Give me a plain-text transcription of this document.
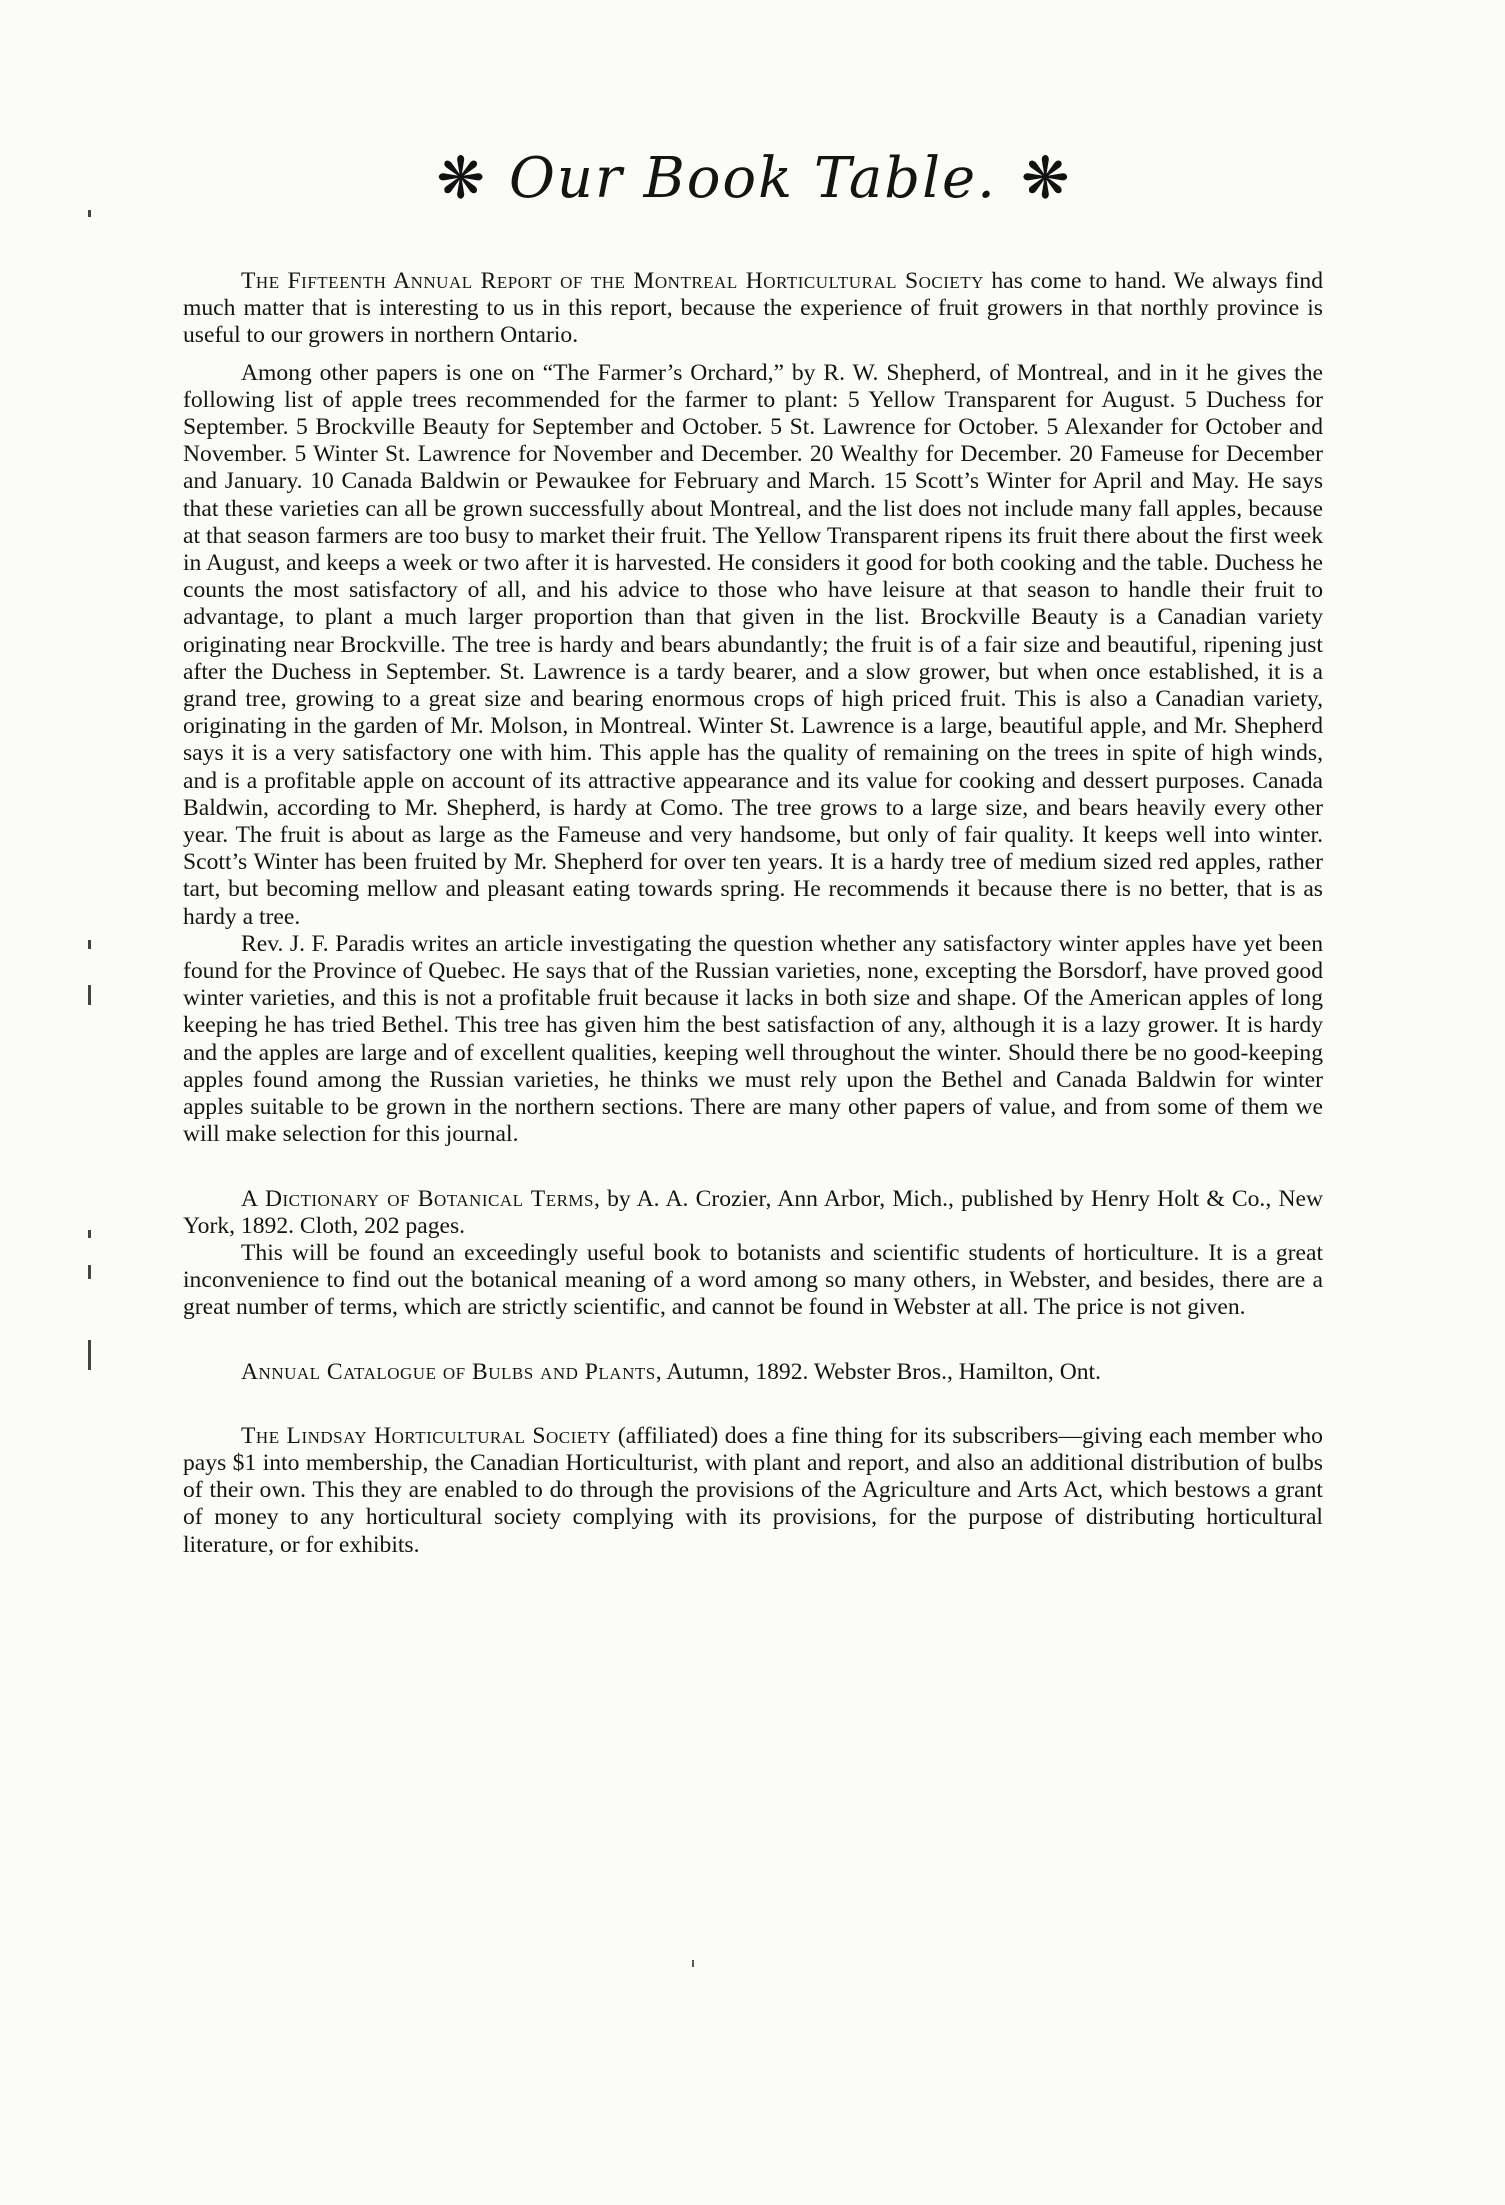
❋ Our Book Table. ❋

The Fifteenth Annual Report of the Montreal Horticultural Society has come to hand. We always find much matter that is interesting to us in this report, because the experience of fruit growers in that northly province is useful to our growers in northern Ontario.

Among other papers is one on “The Farmer’s Orchard,” by R. W. Shepherd, of Montreal, and in it he gives the following list of apple trees recommended for the farmer to plant: 5 Yellow Transparent for August. 5 Duchess for September. 5 Brockville Beauty for September and October. 5 St. Lawrence for October. 5 Alexander for October and November. 5 Winter St. Lawrence for November and December. 20 Wealthy for December. 20 Fameuse for December and January. 10 Canada Baldwin or Pewaukee for February and March. 15 Scott’s Winter for April and May. He says that these varieties can all be grown successfully about Montreal, and the list does not include many fall apples, because at that season farmers are too busy to market their fruit. The Yellow Transparent ripens its fruit there about the first week in August, and keeps a week or two after it is harvested. He considers it good for both cooking and the table. Duchess he counts the most satisfactory of all, and his advice to those who have leisure at that season to handle their fruit to advantage, to plant a much larger proportion than that given in the list. Brockville Beauty is a Canadian variety originating near Brockville. The tree is hardy and bears abundantly; the fruit is of a fair size and beautiful, ripening just after the Duchess in September. St. Lawrence is a tardy bearer, and a slow grower, but when once established, it is a grand tree, growing to a great size and bearing enormous crops of high priced fruit. This is also a Canadian variety, originating in the garden of Mr. Molson, in Montreal. Winter St. Lawrence is a large, beautiful apple, and Mr. Shepherd says it is a very satisfactory one with him. This apple has the quality of remaining on the trees in spite of high winds, and is a profitable apple on account of its attractive appearance and its value for cooking and dessert purposes. Canada Baldwin, according to Mr. Shepherd, is hardy at Como. The tree grows to a large size, and bears heavily every other year. The fruit is about as large as the Fameuse and very handsome, but only of fair quality. It keeps well into winter. Scott’s Winter has been fruited by Mr. Shepherd for over ten years. It is a hardy tree of medium sized red apples, rather tart, but becoming mellow and pleasant eating towards spring. He recommends it because there is no better, that is as hardy a tree.

Rev. J. F. Paradis writes an article investigating the question whether any satisfactory winter apples have yet been found for the Province of Quebec. He says that of the Russian varieties, none, excepting the Borsdorf, have proved good winter varieties, and this is not a profitable fruit because it lacks in both size and shape. Of the American apples of long keeping he has tried Bethel. This tree has given him the best satisfaction of any, although it is a lazy grower. It is hardy and the apples are large and of excellent qualities, keeping well throughout the winter. Should there be no good-keeping apples found among the Russian varieties, he thinks we must rely upon the Bethel and Canada Baldwin for winter apples suitable to be grown in the northern sections. There are many other papers of value, and from some of them we will make selection for this journal.

A Dictionary of Botanical Terms, by A. A. Crozier, Ann Arbor, Mich., published by Henry Holt & Co., New York, 1892. Cloth, 202 pages.

This will be found an exceedingly useful book to botanists and scientific students of horticulture. It is a great inconvenience to find out the botanical meaning of a word among so many others, in Webster, and besides, there are a great number of terms, which are strictly scientific, and cannot be found in Webster at all. The price is not given.

Annual Catalogue of Bulbs and Plants, Autumn, 1892. Webster Bros., Hamilton, Ont.

The Lindsay Horticultural Society (affiliated) does a fine thing for its subscribers—giving each member who pays $1 into membership, the Canadian Horticulturist, with plant and report, and also an additional distribution of bulbs of their own. This they are enabled to do through the provisions of the Agriculture and Arts Act, which bestows a grant of money to any horticultural society complying with its provisions, for the purpose of distributing horticultural literature, or for exhibits.
